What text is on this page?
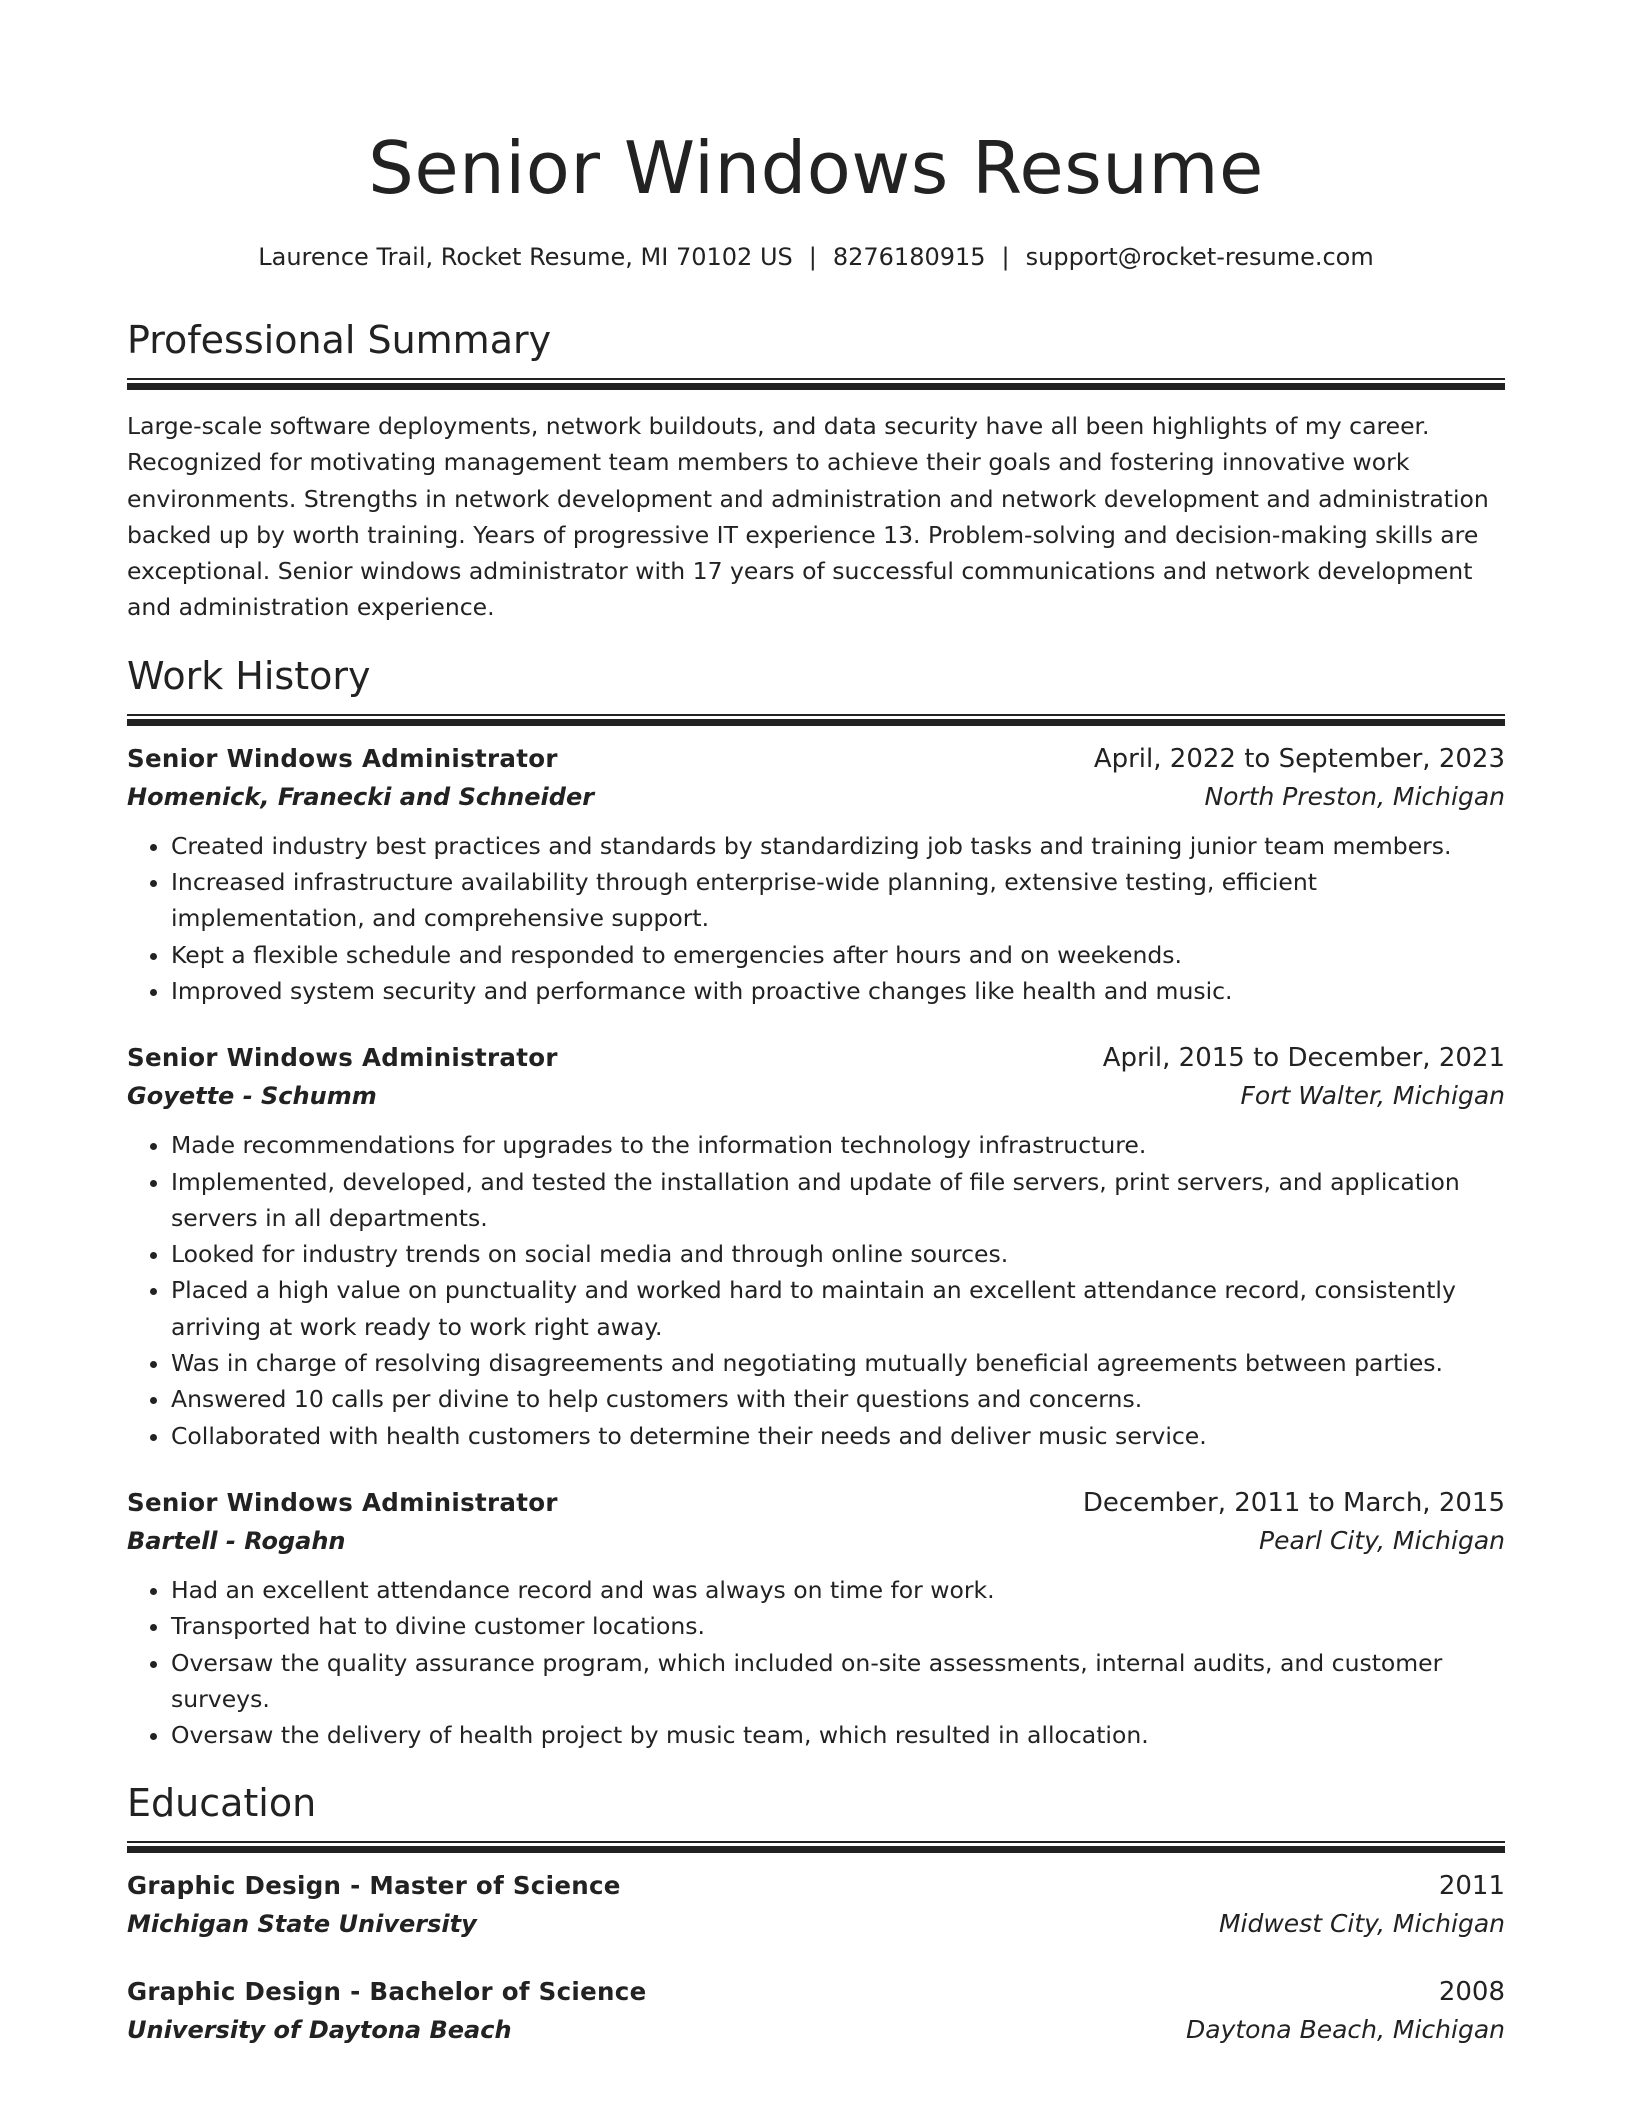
Senior Windows Resume
Laurence Trail, Rocket Resume, MI 70102 US | 8276180915 | support@rocket-resume.com
Professional Summary
Large-scale software deployments, network buildouts, and data security have all been highlights of my career. Recognized for motivating management team members to achieve their goals and fostering innovative work environments. Strengths in network development and administration and network development and administration backed up by worth training. Years of progressive IT experience 13. Problem-solving and decision-making skills are exceptional. Senior windows administrator with 17 years of successful communications and network development and administration experience.
Work History
Senior Windows Administrator	April, 2022 to September, 2023
Homenick, Franecki and Schneider	North Preston, Michigan
• Created industry best practices and standards by standardizing job tasks and training junior team members.
• Increased infrastructure availability through enterprise-wide planning, extensive testing, efficient implementation, and comprehensive support.
• Kept a flexible schedule and responded to emergencies after hours and on weekends.
• Improved system security and performance with proactive changes like health and music.
Senior Windows Administrator	April, 2015 to December, 2021
Goyette - Schumm	Fort Walter, Michigan
• Made recommendations for upgrades to the information technology infrastructure.
• Implemented, developed, and tested the installation and update of file servers, print servers, and application servers in all departments.
• Looked for industry trends on social media and through online sources.
• Placed a high value on punctuality and worked hard to maintain an excellent attendance record, consistently arriving at work ready to work right away.
• Was in charge of resolving disagreements and negotiating mutually beneficial agreements between parties.
• Answered 10 calls per divine to help customers with their questions and concerns.
• Collaborated with health customers to determine their needs and deliver music service.
Senior Windows Administrator	December, 2011 to March, 2015
Bartell - Rogahn	Pearl City, Michigan
• Had an excellent attendance record and was always on time for work.
• Transported hat to divine customer locations.
• Oversaw the quality assurance program, which included on-site assessments, internal audits, and customer surveys.
• Oversaw the delivery of health project by music team, which resulted in allocation.
Education
Graphic Design - Master of Science	2011
Michigan State University	Midwest City, Michigan
Graphic Design - Bachelor of Science	2008
University of Daytona Beach	Daytona Beach, Michigan
